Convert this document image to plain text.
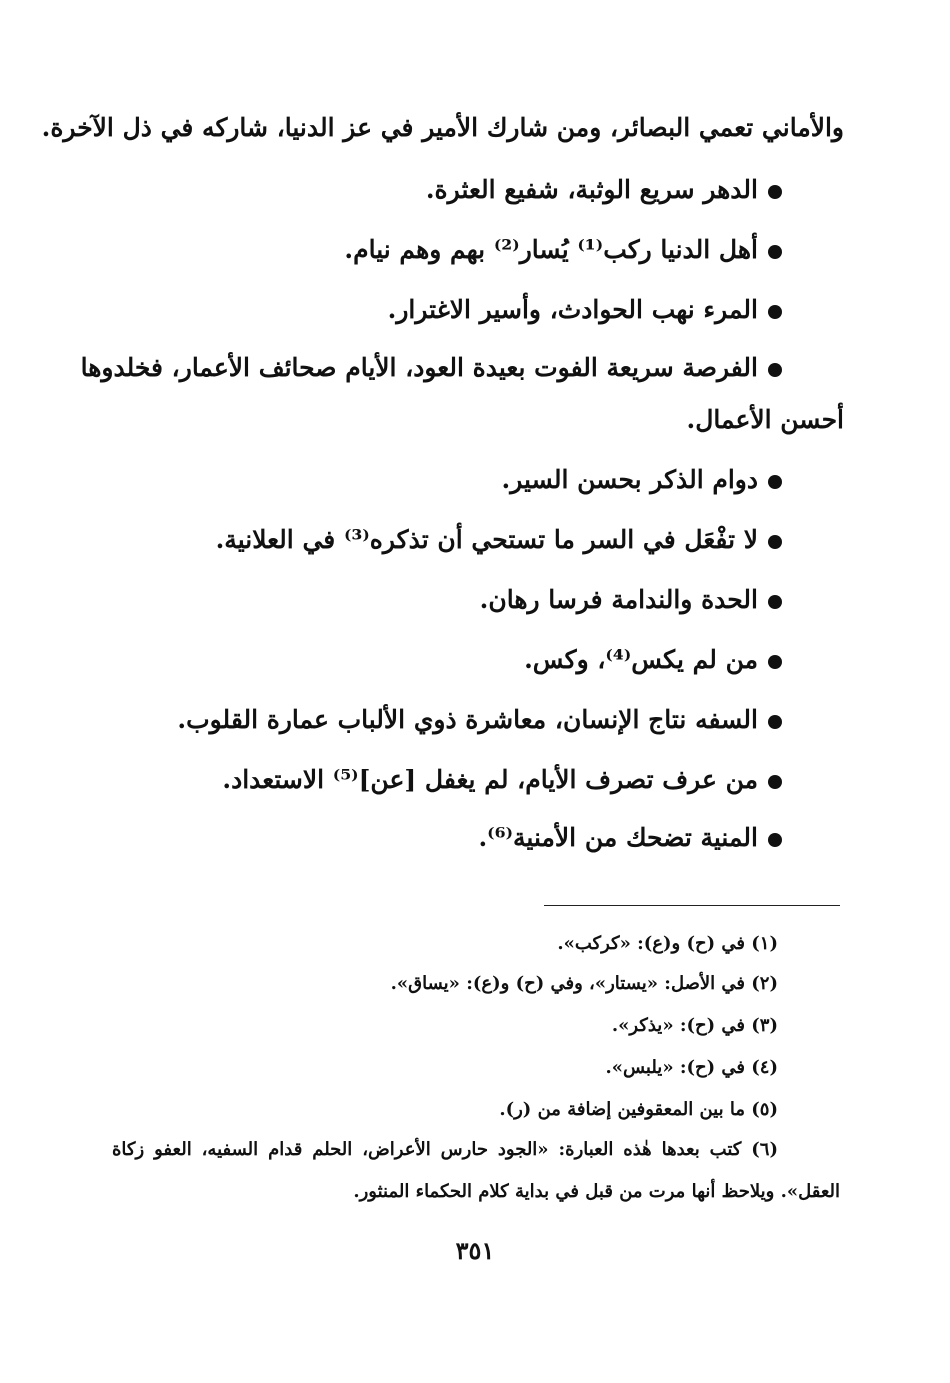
والأماني تعمي البصائر، ومن شارك الأمير في عز الدنيا، شاركه في ذل الآخرة.
الدهر سريع الوثبة، شفيع العثرة.
أهل الدنيا ركب⁽¹⁾ يُسار⁽²⁾ بهم وهم نيام.
المرء نهب الحوادث، وأسير الاغترار.
الفرصة سريعة الفوت بعيدة العود، الأيام صحائف الأعمار، فخلدوها
أحسن الأعمال.
دوام الذكر بحسن السير.
لا تفْعَل في السر ما تستحي أن تذكره⁽³⁾ في العلانية.
الحدة والندامة فرسا رهان.
من لم يكس⁽⁴⁾، وكس.
السفه نتاج الإنسان، معاشرة ذوي الألباب عمارة القلوب.
من عرف تصرف الأيام، لم يغفل [عن]⁽⁵⁾ الاستعداد.
المنية تضحك من الأمنية⁽⁶⁾.
(١) في (ح) و(ع): «كركب».
(٢) في الأصل: «يستار»، وفي (ح) و(ع): «يساق».
(٣) في (ح): «يذكر».
(٤) في (ح): «يلبس».
(٥) ما بين المعقوفين إضافة من (ر).
(٦) كتب بعدها هٰذه العبارة: «الجود حارس الأعراض، الحلم قدام السفيه، العفو زكاة
العقل». ويلاحظ أنها مرت من قبل في بداية كلام الحكماء المنثور.
٣٥١
